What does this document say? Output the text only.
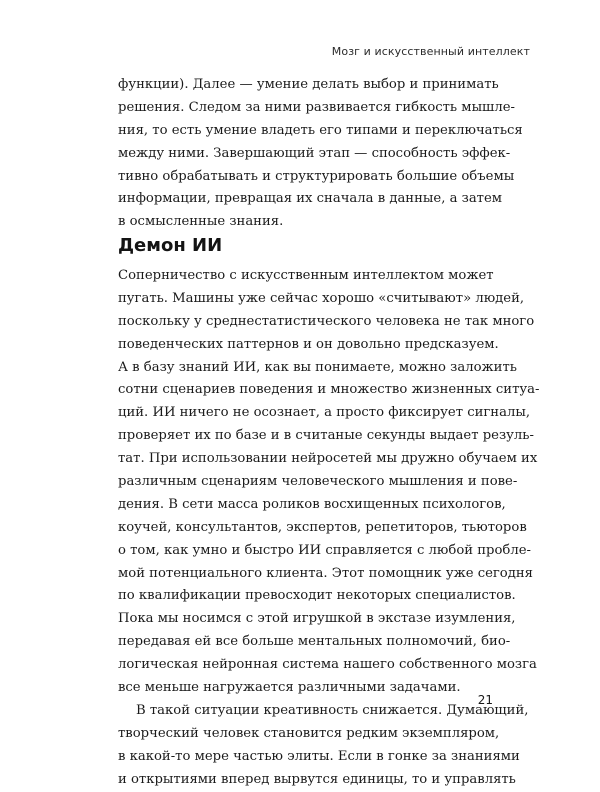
Мозг и искусственный интеллект
функции). Далее — умение делать выбор и принимать
решения. Следом за ними развивается гибкость мышле-
ния, то есть умение владеть его типами и переключаться
между ними. Завершающий этап — способность эффек-
тивно обрабатывать и структурировать большие объемы
информации, превращая их сначала в данные, а затем
в осмысленные знания.
Демон ИИ
Соперничество с искусственным интеллектом может
пугать. Машины уже сейчас хорошо «считывают» людей,
поскольку у среднестатистического человека не так много
поведенческих паттернов и он довольно предсказуем.
А в базу знаний ИИ, как вы понимаете, можно заложить
сотни сценариев поведения и множество жизненных ситуа-
ций. ИИ ничего не осознает, а просто фиксирует сигналы,
проверяет их по базе и в считаные секунды выдает резуль-
тат. При использовании нейросетей мы дружно обучаем их
различным сценариям человеческого мышления и пове-
дения. В сети масса роликов восхищенных психологов,
коучей, консультантов, экспертов, репетиторов, тьюторов
о том, как умно и быстро ИИ справляется с любой пробле-
мой потенциального клиента. Этот помощник уже сегодня
по квалификации превосходит некоторых специалистов.
Пока мы носимся с этой игрушкой в экстазе изумления,
передавая ей все больше ментальных полномочий, био-
логическая нейронная система нашего собственного мозга
все меньше нагружается различными задачами.
В такой ситуации креативность снижается. Думающий,
творческий человек становится редким экземпляром,
в какой-то мере частью элиты. Если в гонке за знаниями
и открытиями вперед вырвутся единицы, то и управлять
21
